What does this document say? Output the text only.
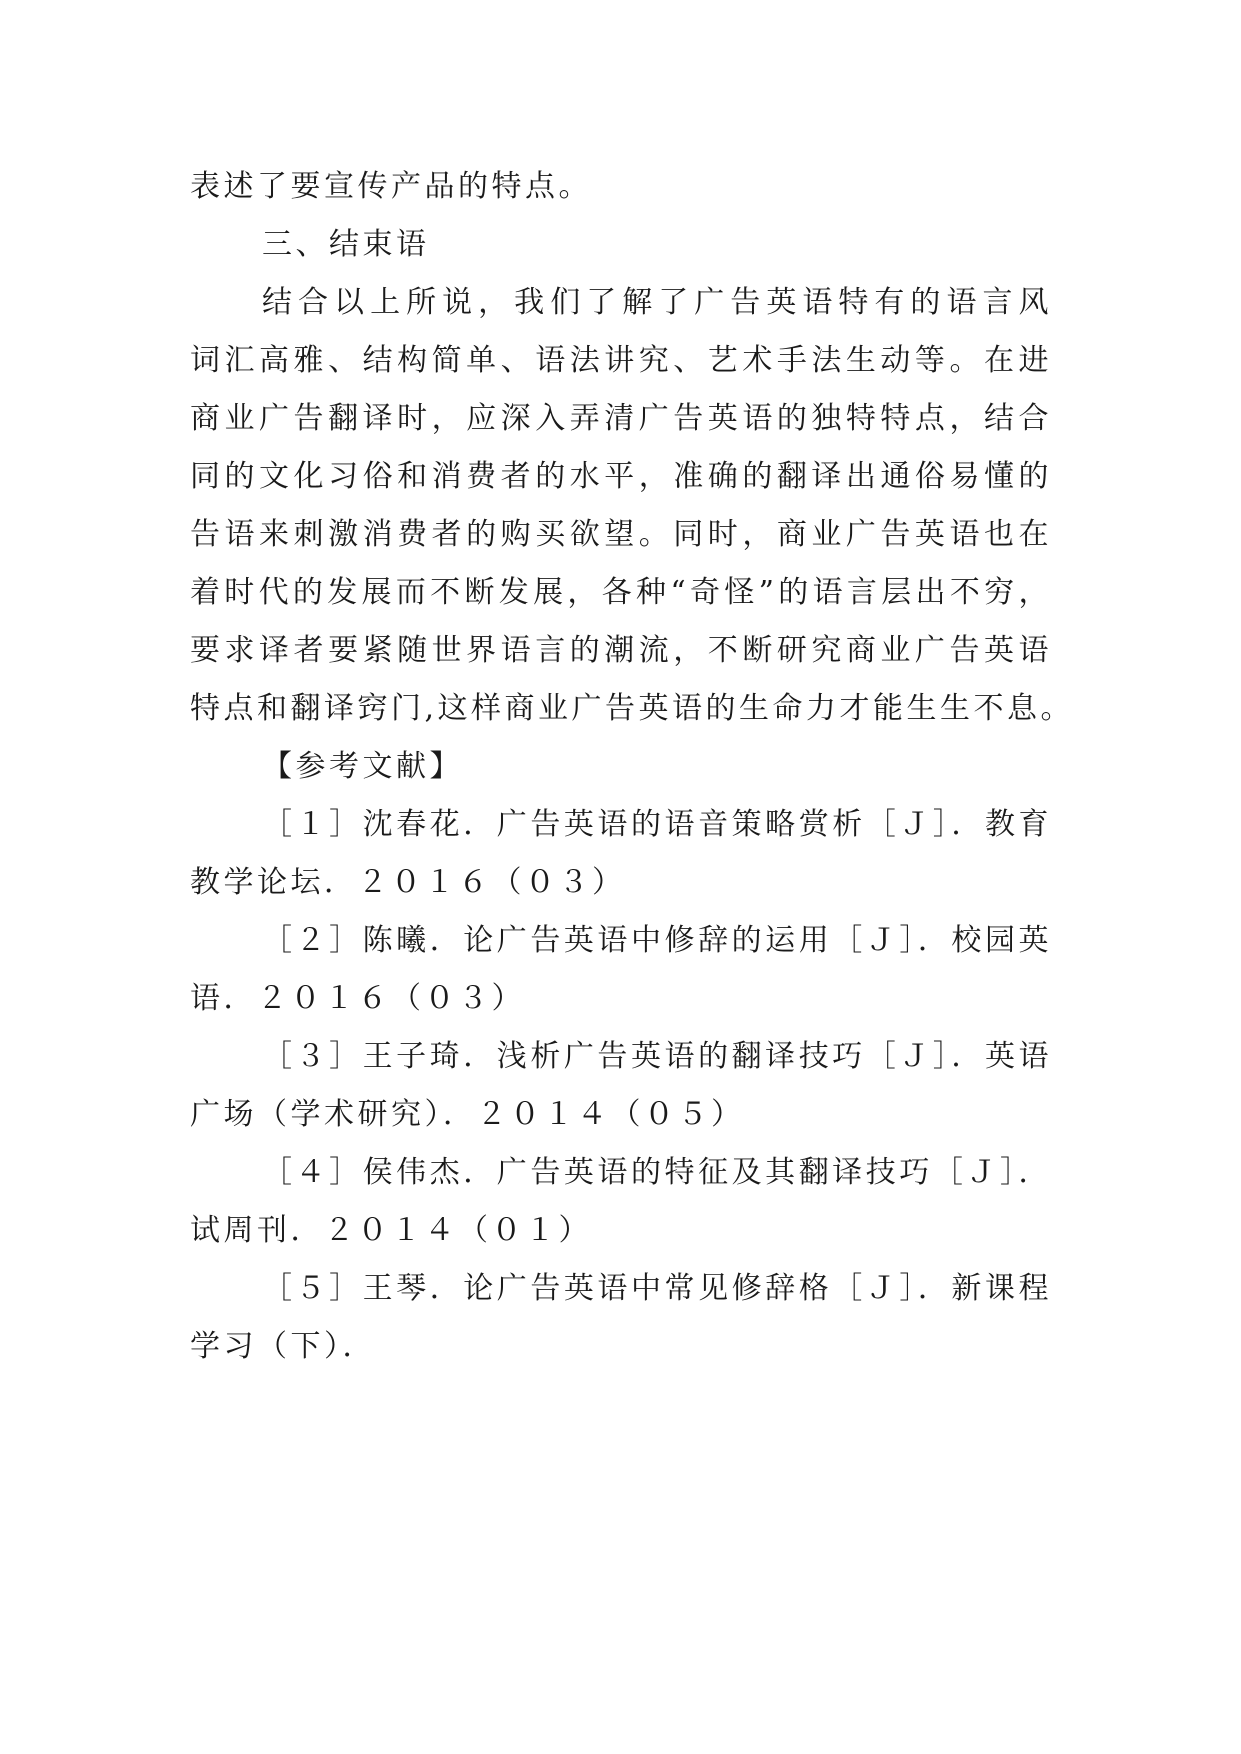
表述了要宣传产品的特点。
三、结束语
结合以上所说，我们了解了广告英语特有的语言风
词汇高雅、结构简单、语法讲究、艺术手法生动等。在进
商业广告翻译时，应深入弄清广告英语的独特特点，结合
同的文化习俗和消费者的水平，准确的翻译出通俗易懂的
告语来刺激消费者的购买欲望。同时，商业广告英语也在
着时代的发展而不断发展，各种“奇怪”的语言层出不穷，
要求译者要紧随世界语言的潮流，不断研究商业广告英语
特点和翻译窍门,这样商业广告英语的生命力才能生生不息。
【参考文献】
［１］沈春花．广告英语的语音策略赏析［Ｊ］．教育
教学论坛．２０１６（０３）
［２］陈曦．论广告英语中修辞的运用［Ｊ］．校园英
语．２０１６（０３）
［３］王子琦．浅析广告英语的翻译技巧［Ｊ］．英语
广场（学术研究）．２０１４（０５）
［４］侯伟杰．广告英语的特征及其翻译技巧［Ｊ］．
试周刊．２０１４（０１）
［５］王琴．论广告英语中常见修辞格［Ｊ］．新课程
学习（下）．
